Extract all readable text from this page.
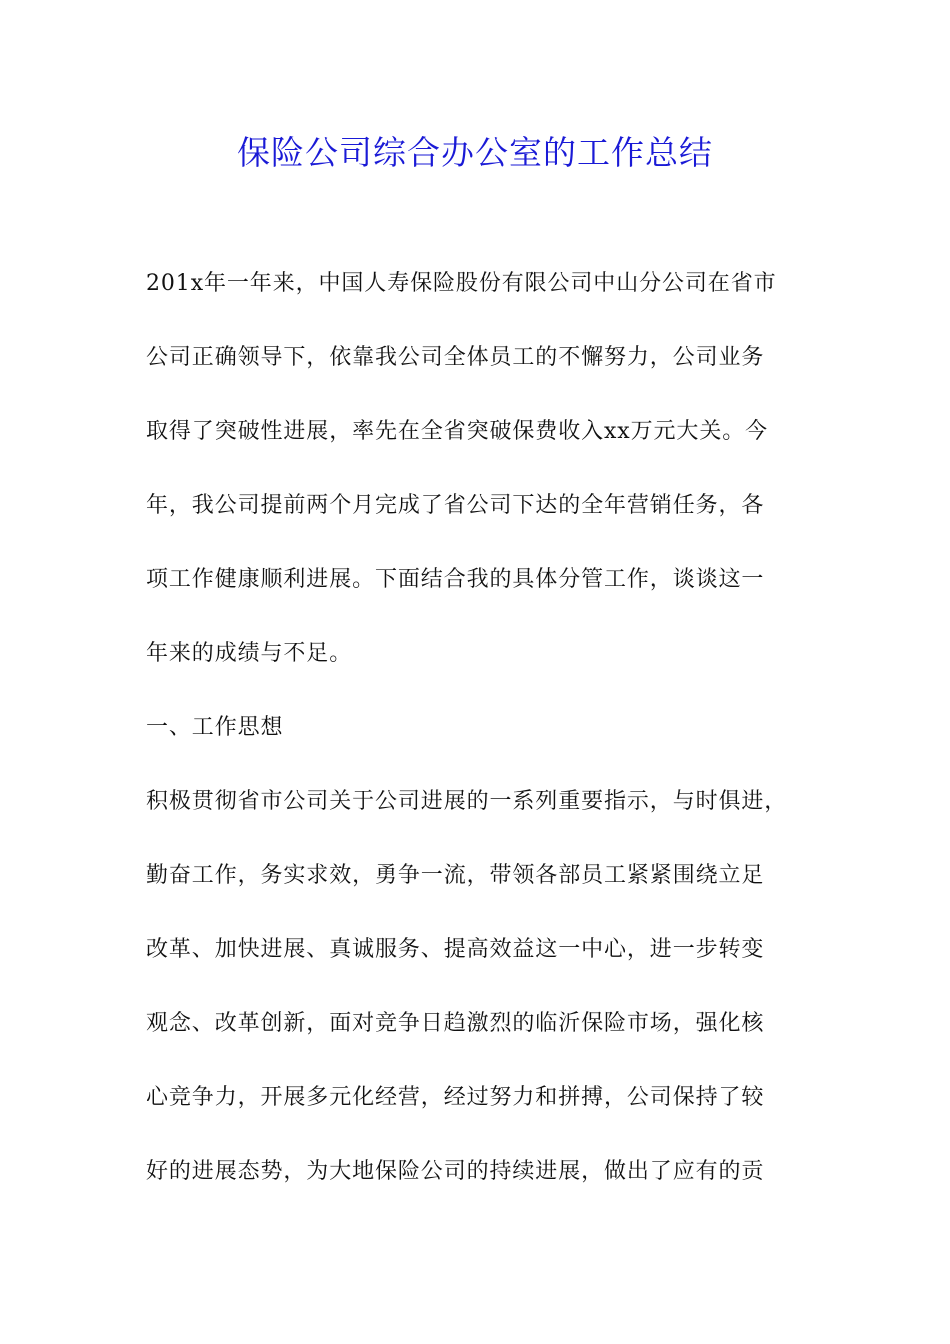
保险公司综合办公室的工作总结
201x年一年来，中国人寿保险股份有限公司中山分公司在省市
公司正确领导下，依靠我公司全体员工的不懈努力，公司业务
取得了突破性进展，率先在全省突破保费收入xx万元大关。今
年，我公司提前两个月完成了省公司下达的全年营销任务，各
项工作健康顺利进展。下面结合我的具体分管工作，谈谈这一
年来的成绩与不足。
一、工作思想
积极贯彻省市公司关于公司进展的一系列重要指示，与时俱进，
勤奋工作，务实求效，勇争一流，带领各部员工紧紧围绕立足
改革、加快进展、真诚服务、提高效益这一中心，进一步转变
观念、改革创新，面对竞争日趋激烈的临沂保险市场，强化核
心竞争力，开展多元化经营，经过努力和拼搏，公司保持了较
好的进展态势，为大地保险公司的持续进展，做出了应有的贡
